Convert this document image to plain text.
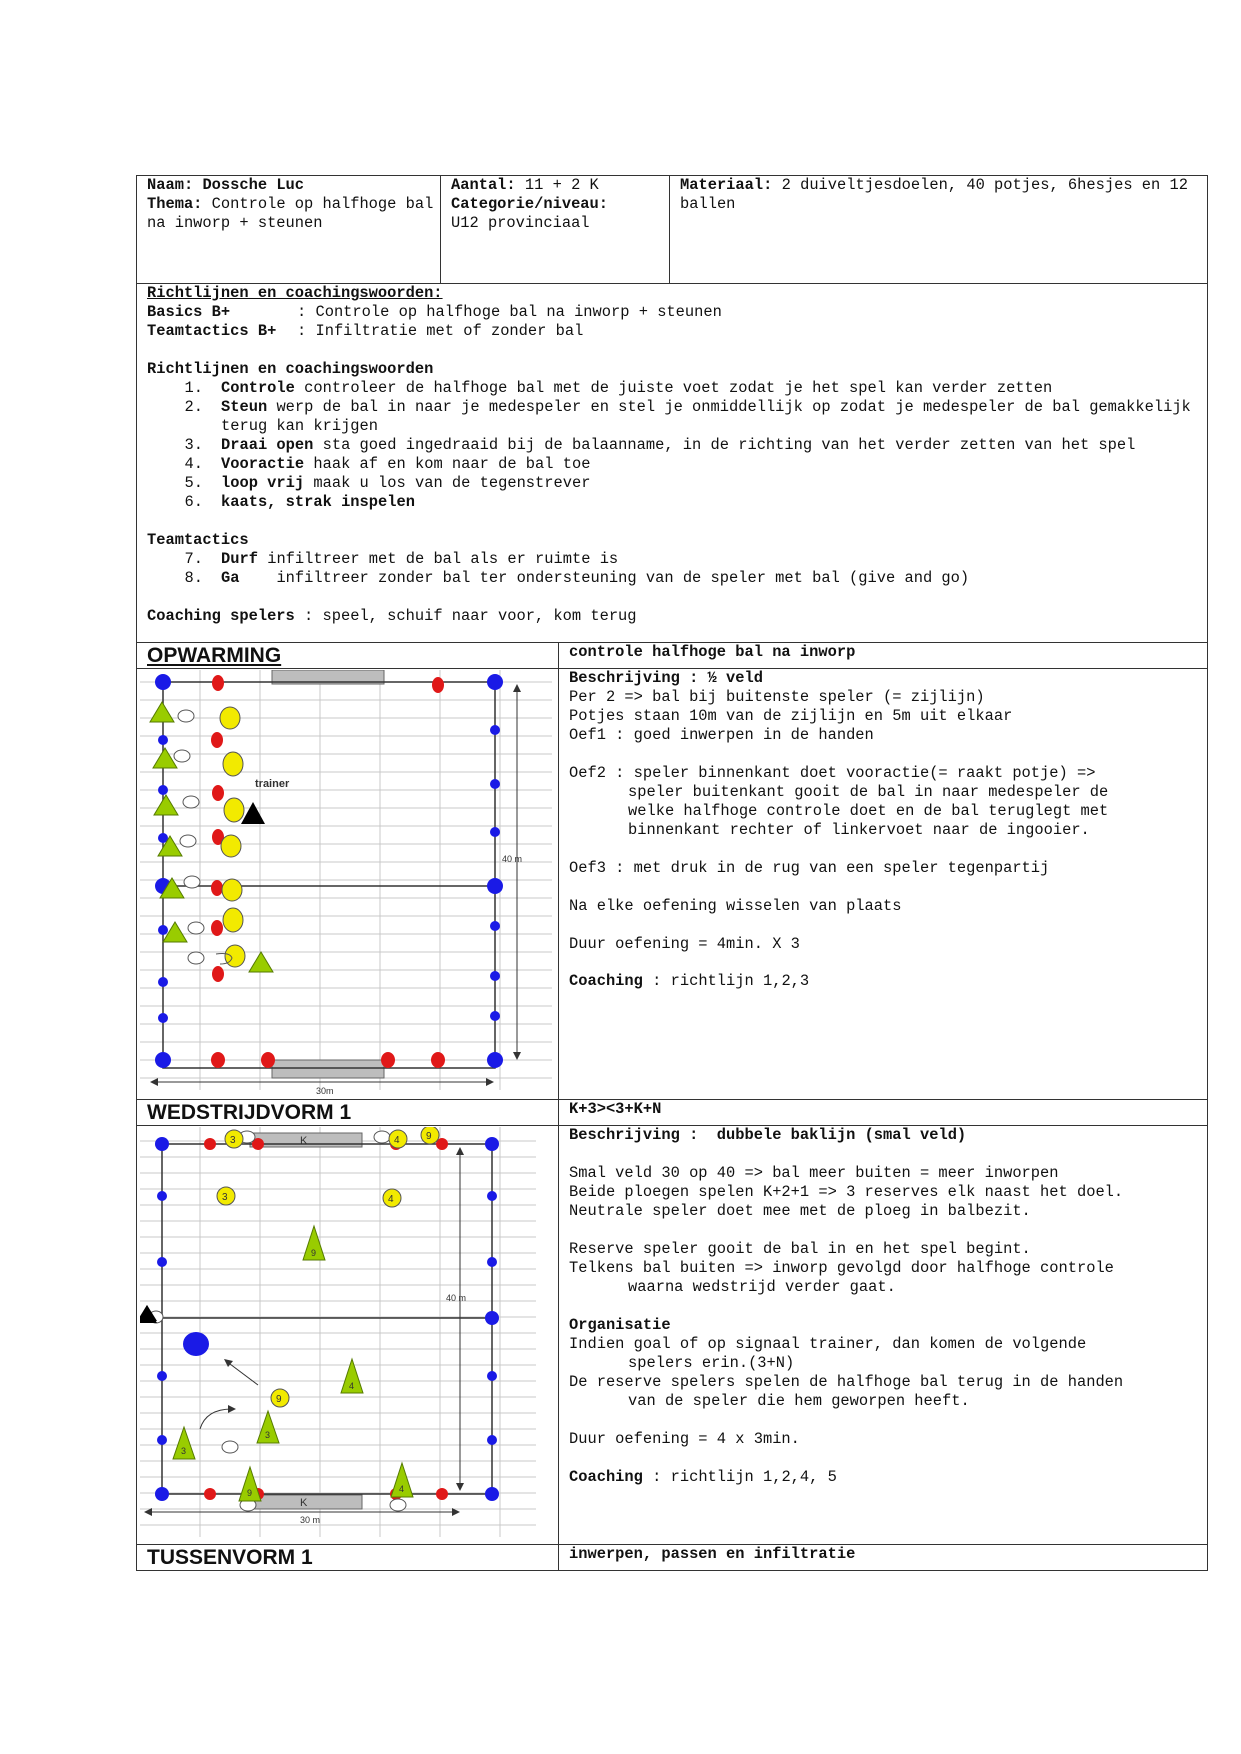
Naam: Dossche Luc
Thema: Controle op halfhoge bal na inworp + steunen
Aantal: 11 + 2 K
Categorie/niveau:
U12 provinciaal
Materiaal: 2 duiveltjesdoelen, 40 potjes, 6hesjes en 12 ballen
Richtlijnen en coachingswoorden:
Basics B+	: Controle op halfhoge bal na inworp + steunen
Teamtactics B+ : Infiltratie met of zonder bal
Richtlijnen en coachingswoorden
1.	Controle controleer de halfhoge bal met de juiste voet zodat je het spel kan verder zetten
2.	Steun werp de bal in naar je medespeler en stel je onmiddellijk op zodat je medespeler de bal gemakkelijk terug kan krijgen
3.	Draai open sta goed ingedraaid bij de balaanname, in de richting van het verder zetten van het spel
4.	Vooractie haak af en kom naar de bal toe
5.	loop vrij maak u los van de tegenstrever
6.	kaats, strak inspelen
Teamtactics
7.	Durf infiltreer met de bal als er ruimte is
8.	Ga infiltreer zonder bal ter ondersteuning van de speler met bal (give and go)
Coaching spelers : speel, schuif naar voor, kom terug
OPWARMING	controle halfhoge bal na inworp
trainer
40 m
30m
Beschrijving : ½ veld
Per 2 => bal bij buitenste speler (= zijlijn)
Potjes staan 10m van de zijlijn en 5m uit elkaar
Oef1 : goed inwerpen in de handen
Oef2 : speler binnenkant doet vooractie(= raakt potje) =>
speler buitenkant gooit de bal in naar medespeler de welke halfhoge controle doet en de bal teruglegt met binnenkant rechter of linkervoet naar de ingooier.
Oef3 : met druk in de rug van een speler tegenpartij
Na elke oefening wisselen van plaats
Duur oefening = 4min. X 3
Coaching : richtlijn 1,2,3
WEDSTRIJDVORM 1	K+3><3+K+N
K
K
3	4	9
3	4
9
9
4
3
3
9	4
40 m
30 m
Beschrijving : dubbele baklijn (smal veld)
Smal veld 30 op 40 => bal meer buiten = meer inworpen
Beide ploegen spelen K+2+1 => 3 reserves elk naast het doel.
Neutrale speler doet mee met de ploeg in balbezit.
Reserve speler gooit de bal in en het spel begint.
Telkens bal buiten => inworp gevolgd door halfhoge controle
waarna wedstrijd verder gaat.
Organisatie
Indien goal of op signaal trainer, dan komen de volgende
spelers erin.(3+N)
De reserve spelers spelen de halfhoge bal terug in de handen
van de speler die hem geworpen heeft.
Duur oefening = 4 x 3min.
Coaching : richtlijn 1,2,4, 5
TUSSENVORM 1	inwerpen, passen en infiltratie
